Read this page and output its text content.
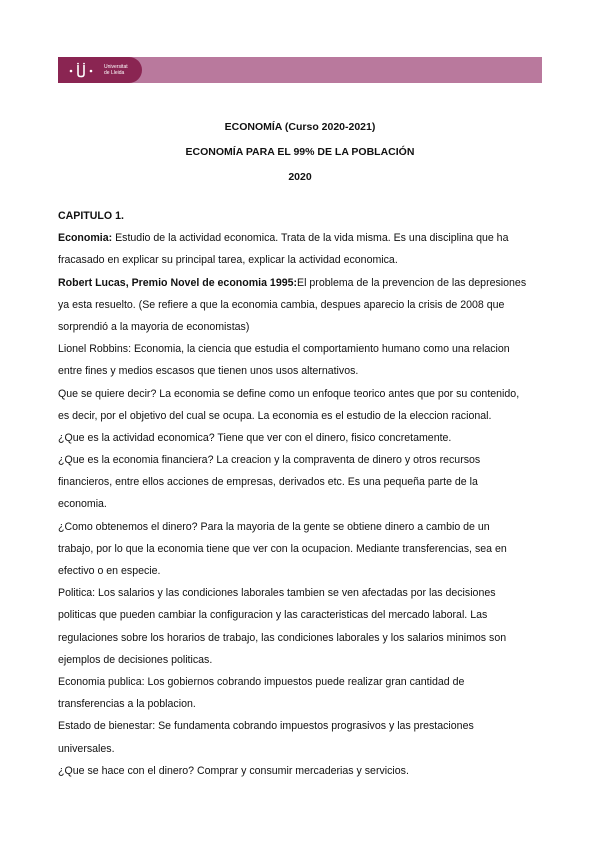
Universitat
de Lleida
ECONOMÍA (Curso 2020-2021)
ECONOMÍA PARA EL 99% DE LA POBLACIÓN
2020
CAPITULO 1.
Economia: Estudio de la actividad economica. Trata de la vida misma. Es una disciplina que ha
fracasado en explicar su principal tarea, explicar la actividad economica.
Robert Lucas, Premio Novel de economia 1995:El problema de la prevencion de las depresiones
ya esta resuelto. (Se refiere a que la economia cambia, despues aparecio la crisis de 2008 que
sorprendió a la mayoria de economistas)
Lionel Robbins: Economia, la ciencia que estudia el comportamiento humano como una relacion
entre fines y medios escasos que tienen unos usos alternativos.
Que se quiere decir? La economia se define como un enfoque teorico antes que por su contenido,
es decir, por el objetivo del cual se ocupa. La economia es el estudio de la eleccion racional.
¿Que es la actividad economica? Tiene que ver con el dinero, fisico concretamente.
¿Que es la economia financiera? La creacion y la compraventa de dinero y otros recursos
financieros, entre ellos acciones de empresas, derivados etc. Es una pequeña parte de la
economia.
¿Como obtenemos el dinero? Para la mayoria de la gente se obtiene dinero a cambio de un
trabajo, por lo que la economia tiene que ver con la ocupacion. Mediante transferencias, sea en
efectivo o en especie.
Politica: Los salarios y las condiciones laborales tambien se ven afectadas por las decisiones
politicas que pueden cambiar la configuracion y las caracteristicas del mercado laboral. Las
regulaciones sobre los horarios de trabajo, las condiciones laborales y los salarios minimos son
ejemplos de decisiones politicas.
Economia publica: Los gobiernos cobrando impuestos puede realizar gran cantidad de
transferencias a la poblacion.
Estado de bienestar: Se fundamenta cobrando impuestos prograsivos y las prestaciones
universales.
¿Que se hace con el dinero? Comprar y consumir mercaderias y servicios.
